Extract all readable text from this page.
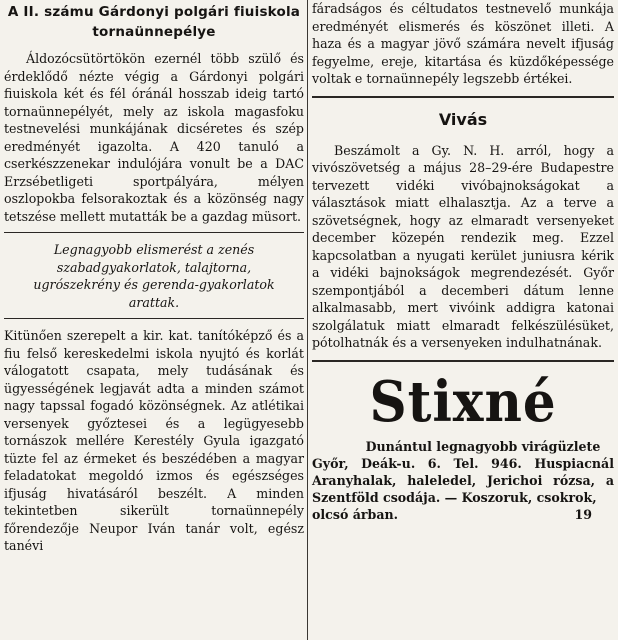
A II. számu Gárdonyi polgári fiuiskola tornaünnepélye

Áldozócsütörtökön ezernél több szülő és érdeklődő nézte végig a Gárdonyi polgári fiuiskola két és fél óránál hosszab ideig tartó tornaünnepélyét, mely az iskola magasfoku testnevelési munkájának dicséretes és szép eredményét igazolta. A 420 tanuló a cserkészzenekar indulójára vonult be a DAC Erzsébetligeti sportpályára, mélyen oszlopokba felsorakoztak és a közönség nagy tetszése mellett mutatták be a gazdag müsort.

Legnagyobb elismerést a zenés szabadgyakorlatok, talajtorna, ugrószekrény és gerenda-gyakorlatok arattak.

Kitünően szerepelt a kir. kat. tanítóképző és a fiu felső kereskedelmi iskola nyujtó és korlát válogatott csapata, mely tudásának és ügyességének legjavát adta a minden számot nagy tapssal fogadó közönségnek. Az atlétikai versenyek győztesei és a legügyesebb tornászok mellére Kerestély Gyula igazgató tüzte fel az érmeket és beszédében a magyar feladatokat megoldó izmos és egészséges ifjuság hivatásáról beszélt. A minden tekintetben sikerült tornaünnepély főrendezője Neupor Iván tanár volt, egész tanévi

fáradságos és céltudatos testnevelő munkája eredményét elismerés és köszönet illeti. A haza és a magyar jövő számára nevelt ifjuság fegyelme, ereje, kitartása és küzdőképessége voltak e tornaünnepély legszebb értékei.

Vivás

Beszámolt a Gy. N. H. arról, hogy a vivószövetség a május 28–29-ére Budapestre tervezett vidéki vivóbajnokságokat a választások miatt elhalasztja. Az a terve a szövetségnek, hogy az elmaradt versenyeket december közepén rendezik meg. Ezzel kapcsolatban a nyugati kerület juniusra kérik a vidéki bajnokságok megrendezését. Győr szempontjából a decemberi dátum lenne alkalmasabb, mert vivóink addigra katonai szolgálatuk miatt elmaradt felkészülésüket, pótolhatnák és a versenyeken indulhatnának.

Stixné
Dunántul legnagyobb virágüzlete
Győr, Deák-u. 6. Tel. 946. Huspiacnál Aranyhalak, haleledel, Jerichoi rózsa, a Szentföld csodája. — Koszoruk, csokrok,
olcsó árban.	19
